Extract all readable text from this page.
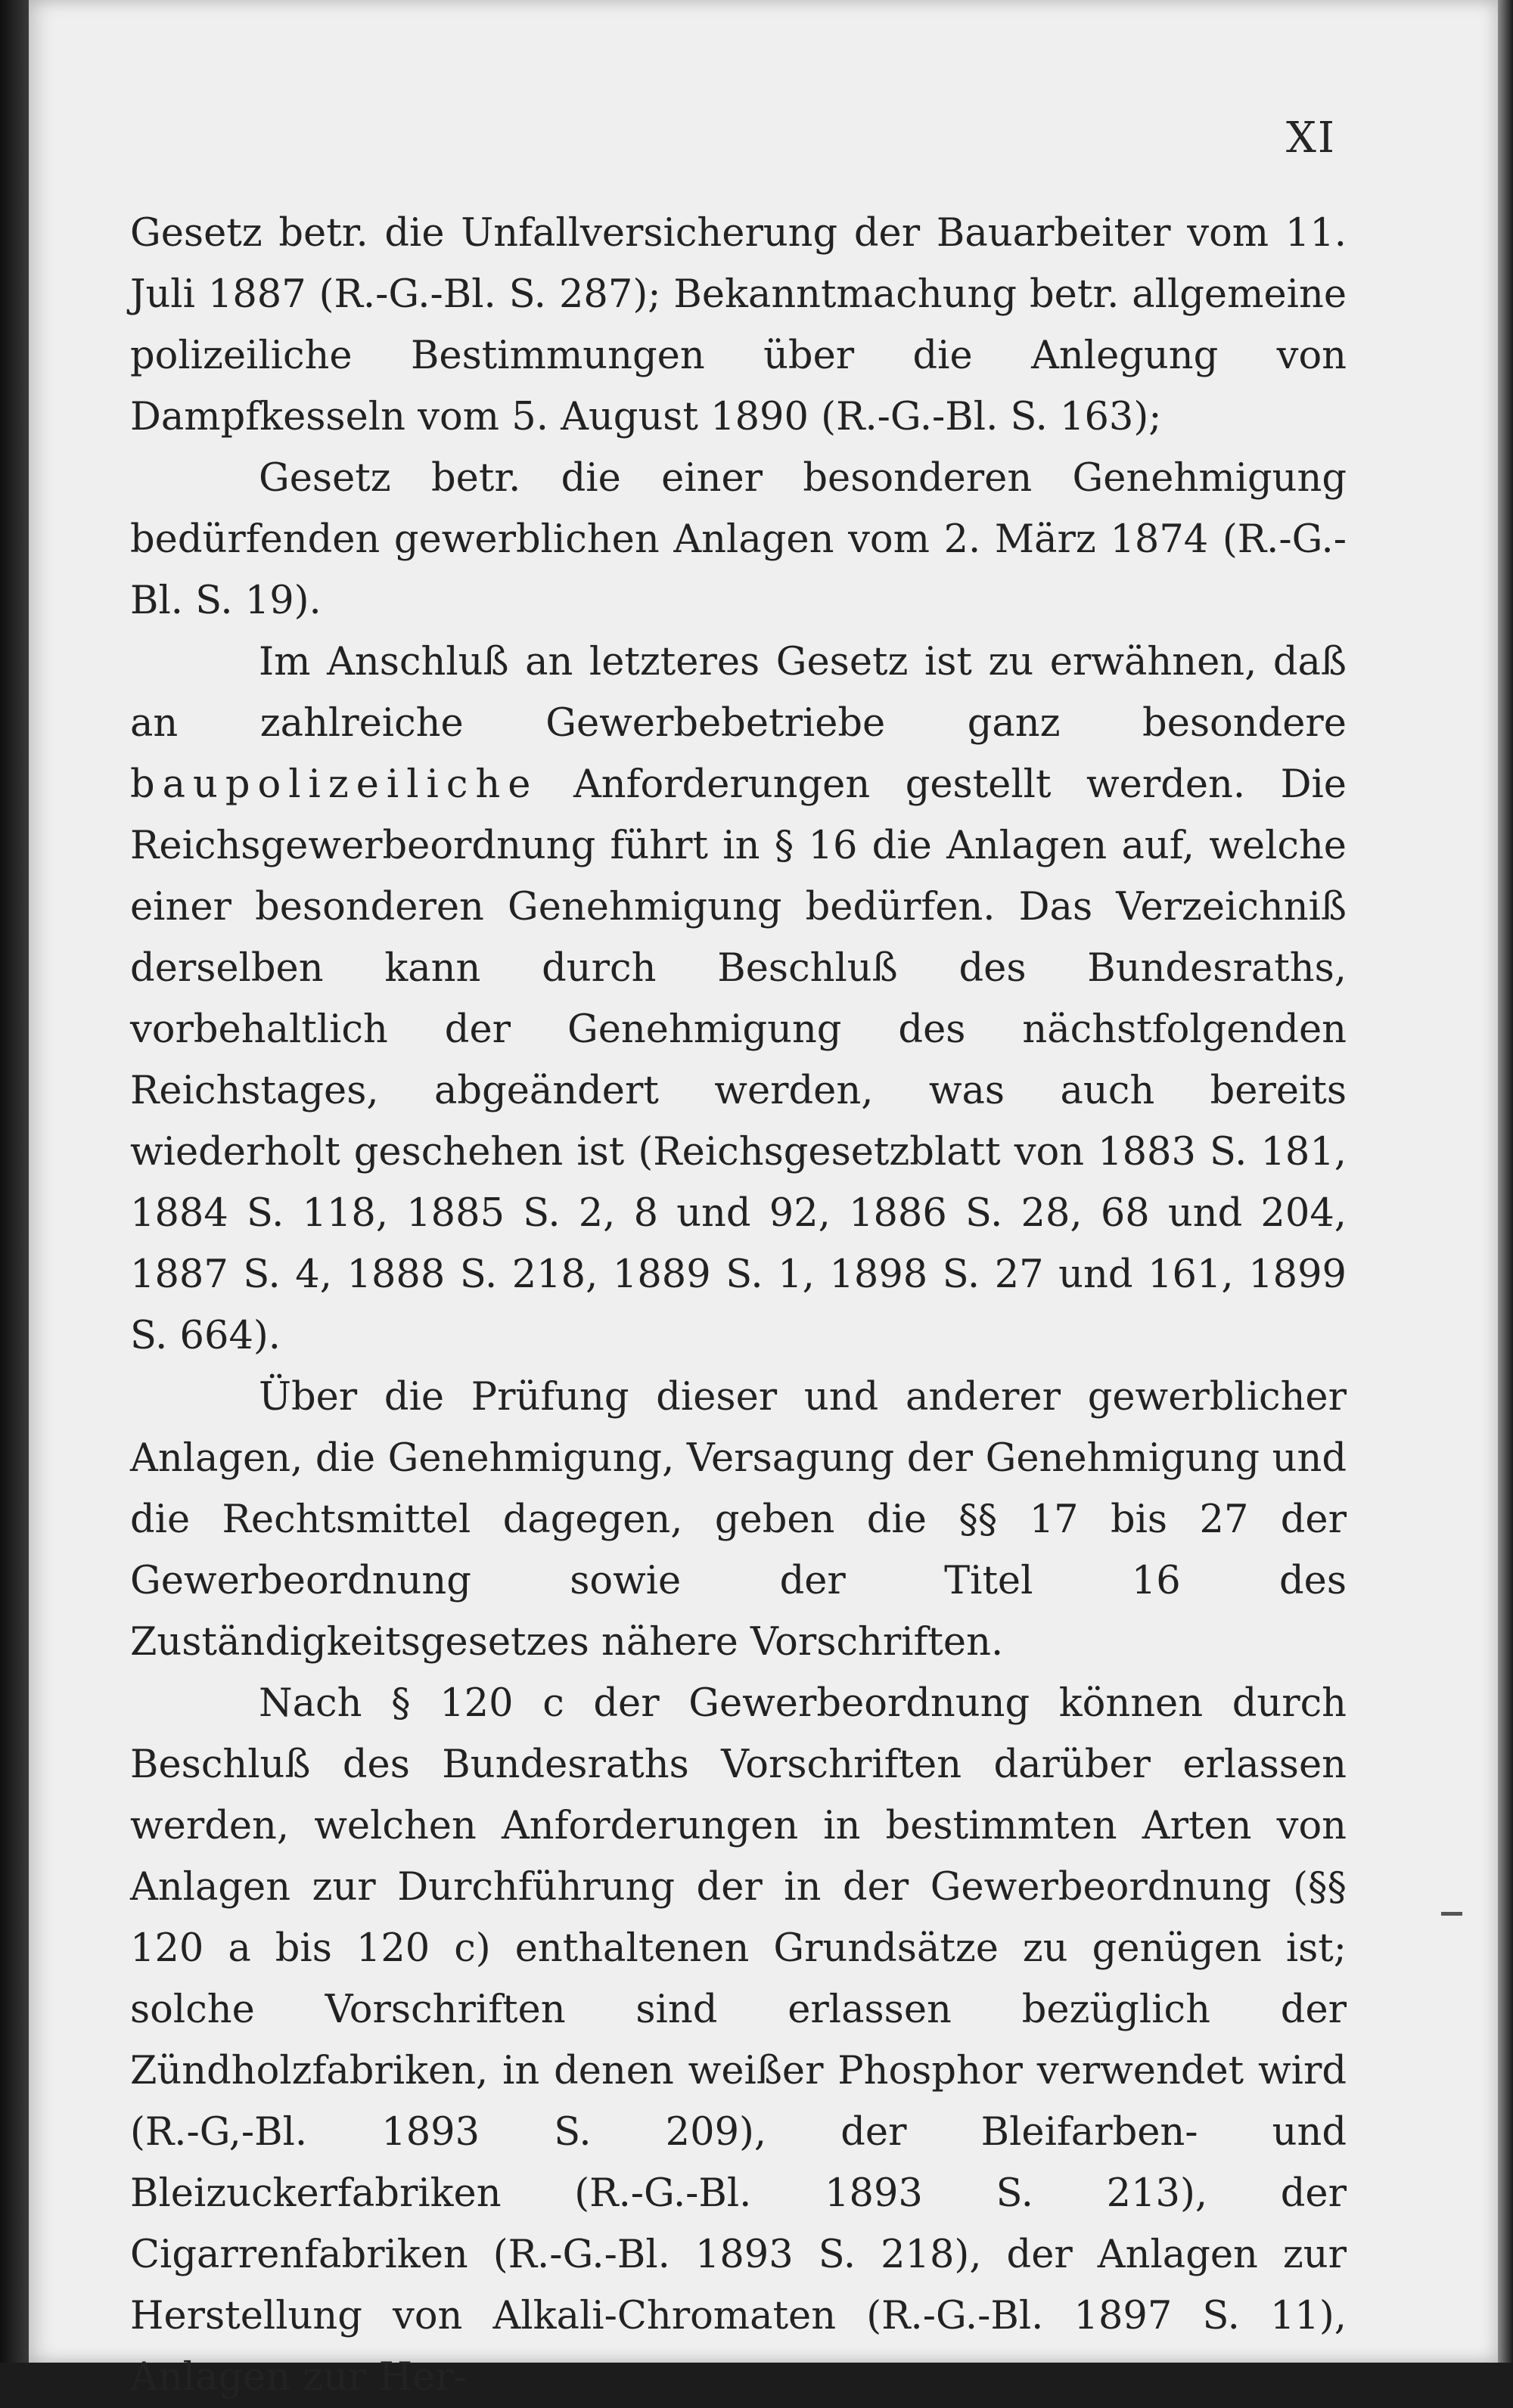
XI

Gesetz betr. die Unfallversicherung der Bauarbeiter vom 11. Juli 1887 (R.-G.-Bl. S. 287); Bekanntmachung betr. allgemeine polizeiliche Bestimmungen über die Anlegung von Dampfkesseln vom 5. August 1890 (R.-G.-Bl. S. 163);

Gesetz betr. die einer besonderen Genehmigung bedürfenden gewerblichen Anlagen vom 2. März 1874 (R.-G.-Bl. S. 19).

Im Anschluß an letzteres Gesetz ist zu erwähnen, daß an zahlreiche Gewerbebetriebe ganz besondere baupolizeiliche Anforderungen gestellt werden. Die Reichsgewerbeordnung führt in § 16 die Anlagen auf, welche einer besonderen Genehmigung bedürfen. Das Verzeichniß derselben kann durch Beschluß des Bundesraths, vorbehaltlich der Genehmigung des nächstfolgenden Reichstages, abgeändert werden, was auch bereits wiederholt geschehen ist (Reichsgesetzblatt von 1883 S. 181, 1884 S. 118, 1885 S. 2, 8 und 92, 1886 S. 28, 68 und 204, 1887 S. 4, 1888 S. 218, 1889 S. 1, 1898 S. 27 und 161, 1899 S. 664).

Über die Prüfung dieser und anderer gewerblicher Anlagen, die Genehmigung, Versagung der Genehmigung und die Rechtsmittel dagegen, geben die §§ 17 bis 27 der Gewerbeordnung sowie der Titel 16 des Zuständigkeitsgesetzes nähere Vorschriften.

Nach § 120 c der Gewerbeordnung können durch Beschluß des Bundesraths Vorschriften darüber erlassen werden, welchen Anforderungen in bestimmten Arten von Anlagen zur Durchführung der in der Gewerbeordnung (§§ 120 a bis 120 c) enthaltenen Grundsätze zu genügen ist; solche Vorschriften sind erlassen bezüglich der Zündholzfabriken, in denen weißer Phosphor verwendet wird (R.-G,-Bl. 1893 S. 209), der Bleifarben- und Bleizuckerfabriken (R.-G.-Bl. 1893 S. 213), der Cigarrenfabriken (R.-G.-Bl. 1893 S. 218), der Anlagen zur Herstellung von Alkali-Chromaten (R.-G.-Bl. 1897 S. 11), Anlagen zur Her-
